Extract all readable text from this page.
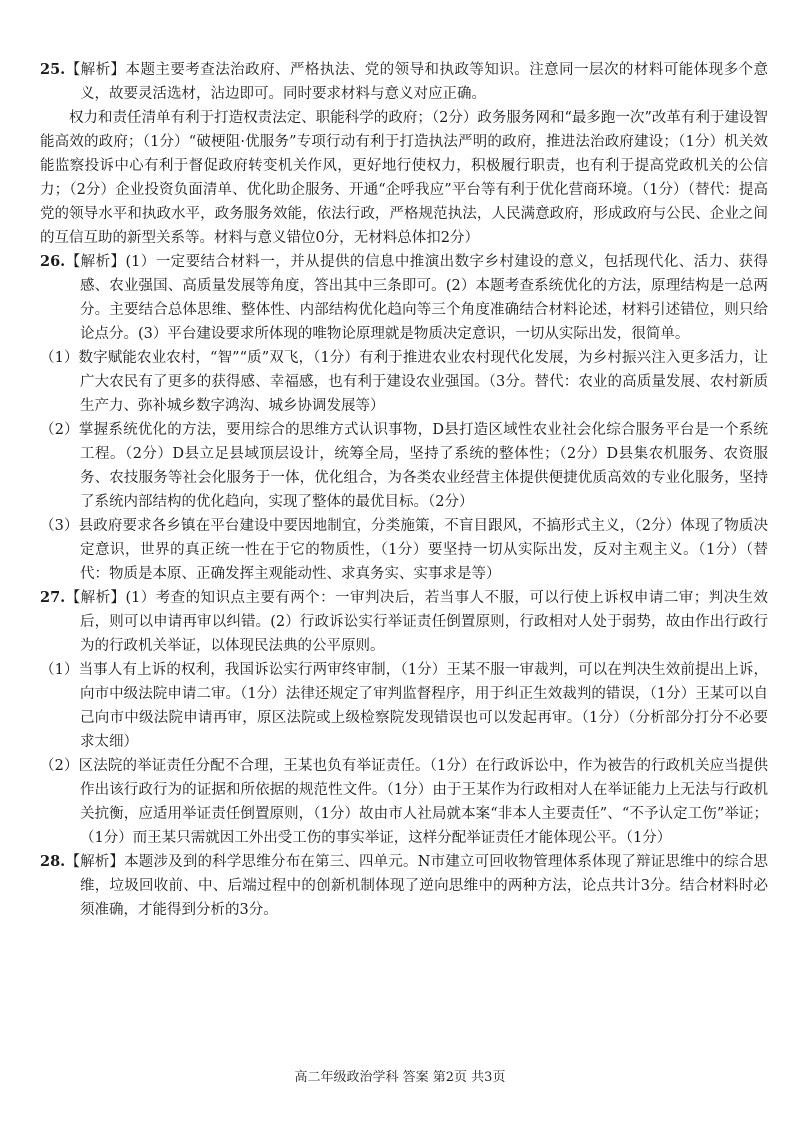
25.【解析】本题主要考查法治政府、严格执法、党的领导和执政等知识。注意同一层次的材料可能体现多个意义，故要灵活选材，沾边即可。同时要求材料与意义对应正确。

权力和责任清单有利于打造权责法定、职能科学的政府；（2分）政务服务网和“最多跑一次”改革有利于建设智能高效的政府；（1分）“破梗阻·优服务”专项行动有利于打造执法严明的政府，推进法治政府建设；（1分）机关效能监察投诉中心有利于督促政府转变机关作风，更好地行使权力，积极履行职责，也有利于提高党政机关的公信力；（2分）企业投资负面清单、优化助企服务、开通“企呼我应”平台等有利于优化营商环境。（1分）（替代：提高党的领导水平和执政水平，政务服务效能，依法行政，严格规范执法，人民满意政府，形成政府与公民、企业之间的互信互助的新型关系等。材料与意义错位0分，无材料总体扣2分）

26.【解析】(1）一定要结合材料一，并从提供的信息中推演出数字乡村建设的意义，包括现代化、活力、获得感、农业强国、高质量发展等角度，答出其中三条即可。(2）本题考查系统优化的方法，原理结构是一总两分。主要结合总体思维、整体性、内部结构优化趋向等三个角度准确结合材料论述，材料引述错位，则只给论点分。(3）平台建设要求所体现的唯物论原理就是物质决定意识，一切从实际出发，很简单。

（1）数字赋能农业农村，“智”“质”双飞，（1分）有利于推进农业农村现代化发展，为乡村振兴注入更多活力，让广大农民有了更多的获得感、幸福感，也有利于建设农业强国。（3分。替代：农业的高质量发展、农村新质生产力、弥补城乡数字鸿沟、城乡协调发展等）

（2）掌握系统优化的方法，要用综合的思维方式认识事物，D县打造区域性农业社会化综合服务平台是一个系统工程。（2分）D县立足县域顶层设计，统筹全局，坚持了系统的整体性；（2分）D县集农机服务、农资服务、农技服务等社会化服务于一体，优化组合，为各类农业经营主体提供便捷优质高效的专业化服务，坚持了系统内部结构的优化趋向，实现了整体的最优目标。（2分）

（3）县政府要求各乡镇在平台建设中要因地制宜，分类施策，不盲目跟风，不搞形式主义，（2分）体现了物质决定意识，世界的真正统一性在于它的物质性，（1分）要坚持一切从实际出发，反对主观主义。（1分）（替代：物质是本原、正确发挥主观能动性、求真务实、实事求是等）

27.【解析】(1）考查的知识点主要有两个：一审判决后，若当事人不服，可以行使上诉权申请二审；判决生效后，则可以申请再审以纠错。(2）行政诉讼实行举证责任倒置原则，行政相对人处于弱势，故由作出行政行为的行政机关举证，以体现民法典的公平原则。

（1）当事人有上诉的权利，我国诉讼实行两审终审制，（1分）王某不服一审裁判，可以在判决生效前提出上诉，向市中级法院申请二审。（1分）法律还规定了审判监督程序，用于纠正生效裁判的错误，（1分）王某可以自己向市中级法院申请再审，原区法院或上级检察院发现错误也可以发起再审。（1分）（分析部分打分不必要求太细）

（2）区法院的举证责任分配不合理，王某也负有举证责任。（1分）在行政诉讼中，作为被告的行政机关应当提供作出该行政行为的证据和所依据的规范性文件。（1分）由于王某作为行政相对人在举证能力上无法与行政机关抗衡，应适用举证责任倒置原则，（1分）故由市人社局就本案“非本人主要责任”、“不予认定工伤”举证；（1分）而王某只需就因工外出受工伤的事实举证，这样分配举证责任才能体现公平。（1分）

28.【解析】本题涉及到的科学思维分布在第三、四单元。N市建立可回收物管理体系体现了辩证思维中的综合思维，垃圾回收前、中、后端过程中的创新机制体现了逆向思维中的两种方法，论点共计3分。结合材料时必须准确，才能得到分析的3分。

高二年级政治学科 答案 第2页 共3页
